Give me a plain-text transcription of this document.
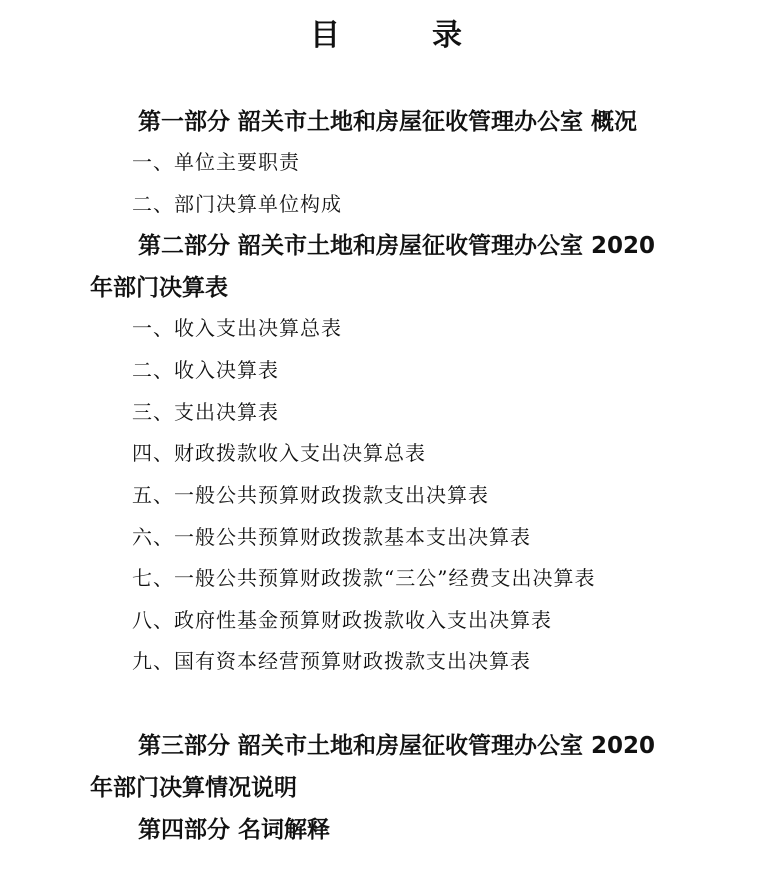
目	录
第一部分 韶关市土地和房屋征收管理办公室 概况
一、单位主要职责
二、部门决算单位构成
第二部分 韶关市土地和房屋征收管理办公室 2020
年部门决算表
一、收入支出决算总表
二、收入决算表
三、支出决算表
四、财政拨款收入支出决算总表
五、一般公共预算财政拨款支出决算表
六、一般公共预算财政拨款基本支出决算表
七、一般公共预算财政拨款“三公”经费支出决算表
八、政府性基金预算财政拨款收入支出决算表
九、国有资本经营预算财政拨款支出决算表
第三部分 韶关市土地和房屋征收管理办公室 2020
年部门决算情况说明
第四部分 名词解释
